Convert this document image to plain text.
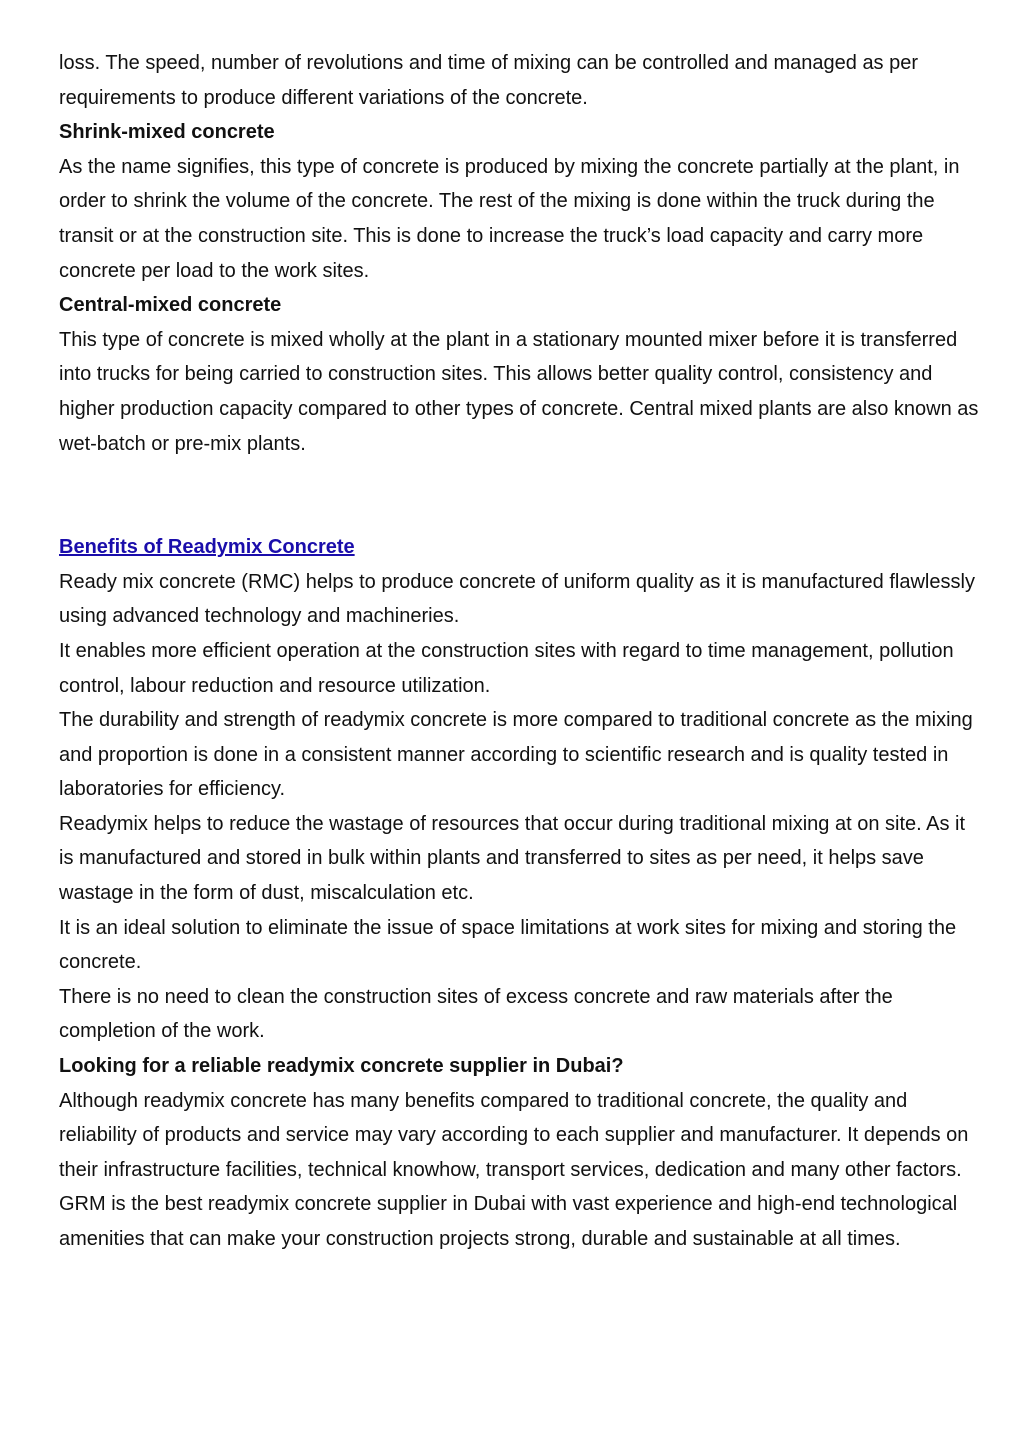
loss. The speed, number of revolutions and time of mixing can be controlled and managed as per requirements to produce different variations of the concrete.

Shrink-mixed concrete

As the name signifies, this type of concrete is produced by mixing the concrete partially at the plant, in order to shrink the volume of the concrete. The rest of the mixing is done within the truck during the transit or at the construction site. This is done to increase the truck’s load capacity and carry more concrete per load to the work sites.

Central-mixed concrete

This type of concrete is mixed wholly at the plant in a stationary mounted mixer before it is transferred into trucks for being carried to construction sites. This allows better quality control, consistency and higher production capacity compared to other types of concrete. Central mixed plants are also known as wet-batch or pre-mix plants.

Benefits of Readymix Concrete

Ready mix concrete (RMC) helps to produce concrete of uniform quality as it is manufactured flawlessly using advanced technology and machineries.

It enables more efficient operation at the construction sites with regard to time management, pollution control, labour reduction and resource utilization.

The durability and strength of readymix concrete is more compared to traditional concrete as the mixing and proportion is done in a consistent manner according to scientific research and is quality tested in laboratories for efficiency.

Readymix helps to reduce the wastage of resources that occur during traditional mixing at on site. As it is manufactured and stored in bulk within plants and transferred to sites as per need, it helps save wastage in the form of dust, miscalculation etc.

It is an ideal solution to eliminate the issue of space limitations at work sites for mixing and storing the concrete.

There is no need to clean the construction sites of excess concrete and raw materials after the completion of the work.

Looking for a reliable readymix concrete supplier in Dubai?

Although readymix concrete has many benefits compared to traditional concrete, the quality and reliability of products and service may vary according to each supplier and manufacturer. It depends on their infrastructure facilities, technical knowhow, transport services, dedication and many other factors. GRM is the best readymix concrete supplier in Dubai with vast experience and high-end technological amenities that can make your construction projects strong, durable and sustainable at all times.
